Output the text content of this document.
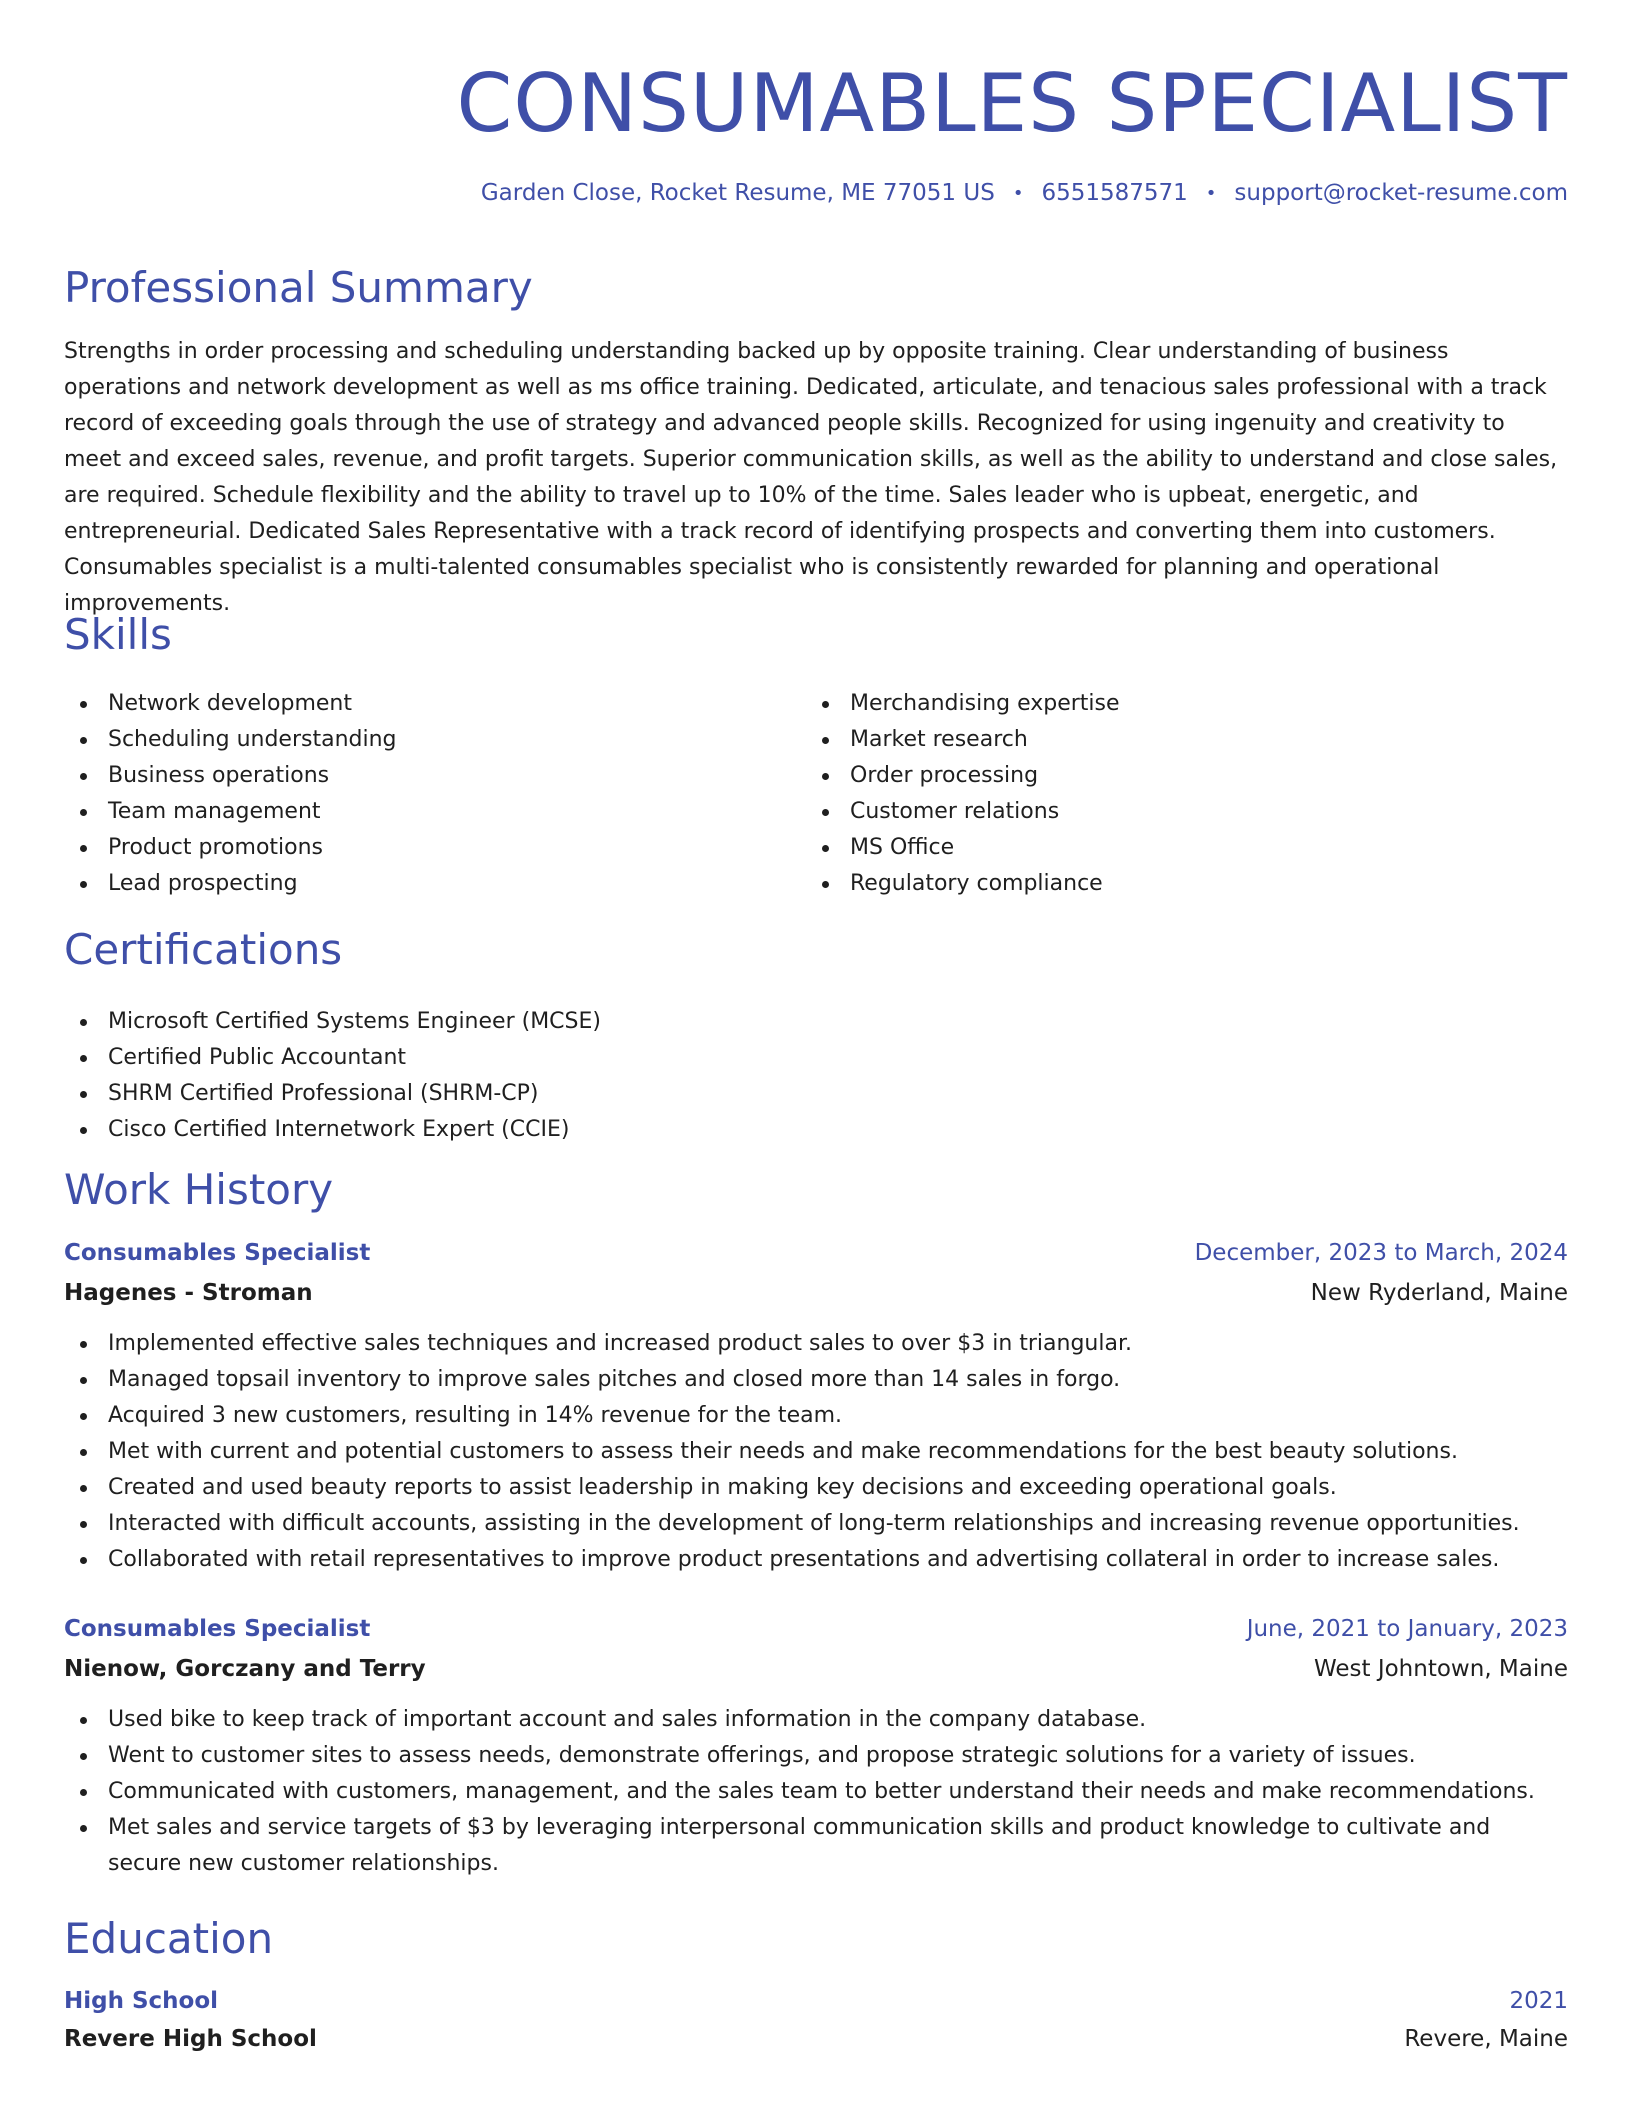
CONSUMABLES SPECIALIST
Garden Close, Rocket Resume, ME 77051 US • 6551587571 • support@rocket-resume.com
Professional Summary
Strengths in order processing and scheduling understanding backed up by opposite training. Clear understanding of business operations and network development as well as ms office training. Dedicated, articulate, and tenacious sales professional with a track record of exceeding goals through the use of strategy and advanced people skills. Recognized for using ingenuity and creativity to meet and exceed sales, revenue, and profit targets. Superior communication skills, as well as the ability to understand and close sales, are required. Schedule flexibility and the ability to travel up to 10% of the time. Sales leader who is upbeat, energetic, and entrepreneurial. Dedicated Sales Representative with a track record of identifying prospects and converting them into customers. Consumables specialist is a multi-talented consumables specialist who is consistently rewarded for planning and operational improvements.
Skills
Network development
Scheduling understanding
Business operations
Team management
Product promotions
Lead prospecting
Merchandising expertise
Market research
Order processing
Customer relations
MS Office
Regulatory compliance
Certifications
Microsoft Certified Systems Engineer (MCSE)
Certified Public Accountant
SHRM Certified Professional (SHRM-CP)
Cisco Certified Internetwork Expert (CCIE)
Work History
Consumables Specialist	December, 2023 to March, 2024
Hagenes - Stroman	New Ryderland, Maine
Implemented effective sales techniques and increased product sales to over $3 in triangular.
Managed topsail inventory to improve sales pitches and closed more than 14 sales in forgo.
Acquired 3 new customers, resulting in 14% revenue for the team.
Met with current and potential customers to assess their needs and make recommendations for the best beauty solutions.
Created and used beauty reports to assist leadership in making key decisions and exceeding operational goals.
Interacted with difficult accounts, assisting in the development of long-term relationships and increasing revenue opportunities.
Collaborated with retail representatives to improve product presentations and advertising collateral in order to increase sales.
Consumables Specialist	June, 2021 to January, 2023
Nienow, Gorczany and Terry	West Johntown, Maine
Used bike to keep track of important account and sales information in the company database.
Went to customer sites to assess needs, demonstrate offerings, and propose strategic solutions for a variety of issues.
Communicated with customers, management, and the sales team to better understand their needs and make recommendations.
Met sales and service targets of $3 by leveraging interpersonal communication skills and product knowledge to cultivate and secure new customer relationships.
Education
High School	2021
Revere High School	Revere, Maine
